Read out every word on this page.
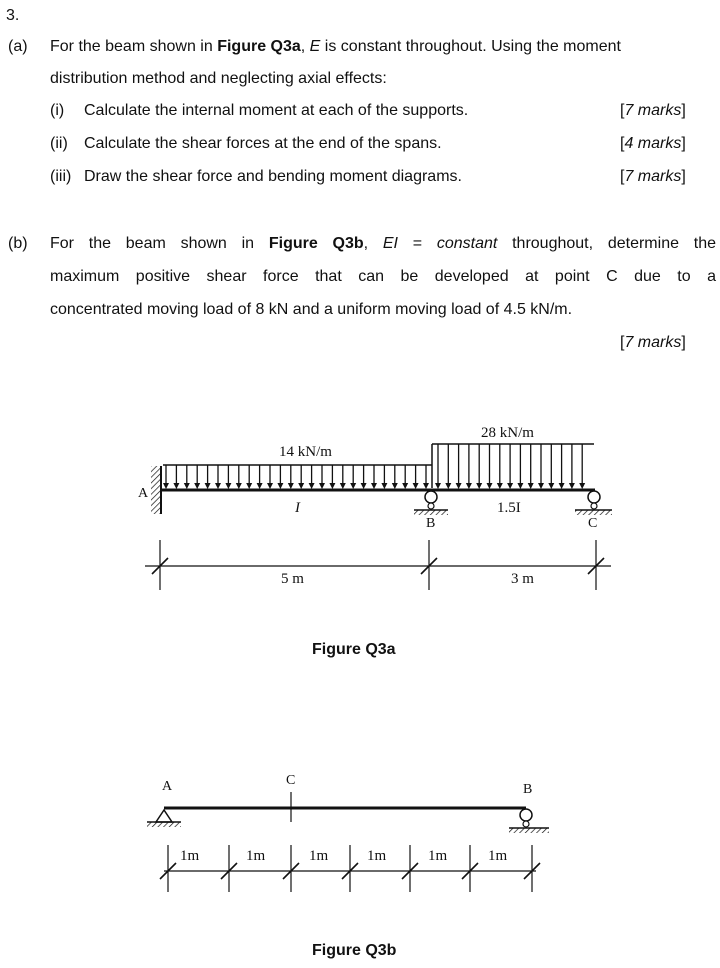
3.
(a) For the beam shown in Figure Q3a, E is constant throughout. Using the moment
distribution method and neglecting axial effects:
(i) Calculate the internal moment at each of the supports.	[7 marks]
(ii) Calculate the shear forces at the end of the spans.	[4 marks]
(iii) Draw the shear force and bending moment diagrams.	[7 marks]
(b) For the beam shown in Figure Q3b, EI = constant throughout, determine the
maximum positive shear force that can be developed at point C due to a
concentrated moving load of 8 kN and a uniform moving load of 4.5 kN/m.
[7 marks]
14 kN/m
28 kN/m
A
B	C
I	1.5I
5 m	3 m
A	C
B
1m	1m	1m	1m	1m	1m
Figure Q3a
Figure Q3b
